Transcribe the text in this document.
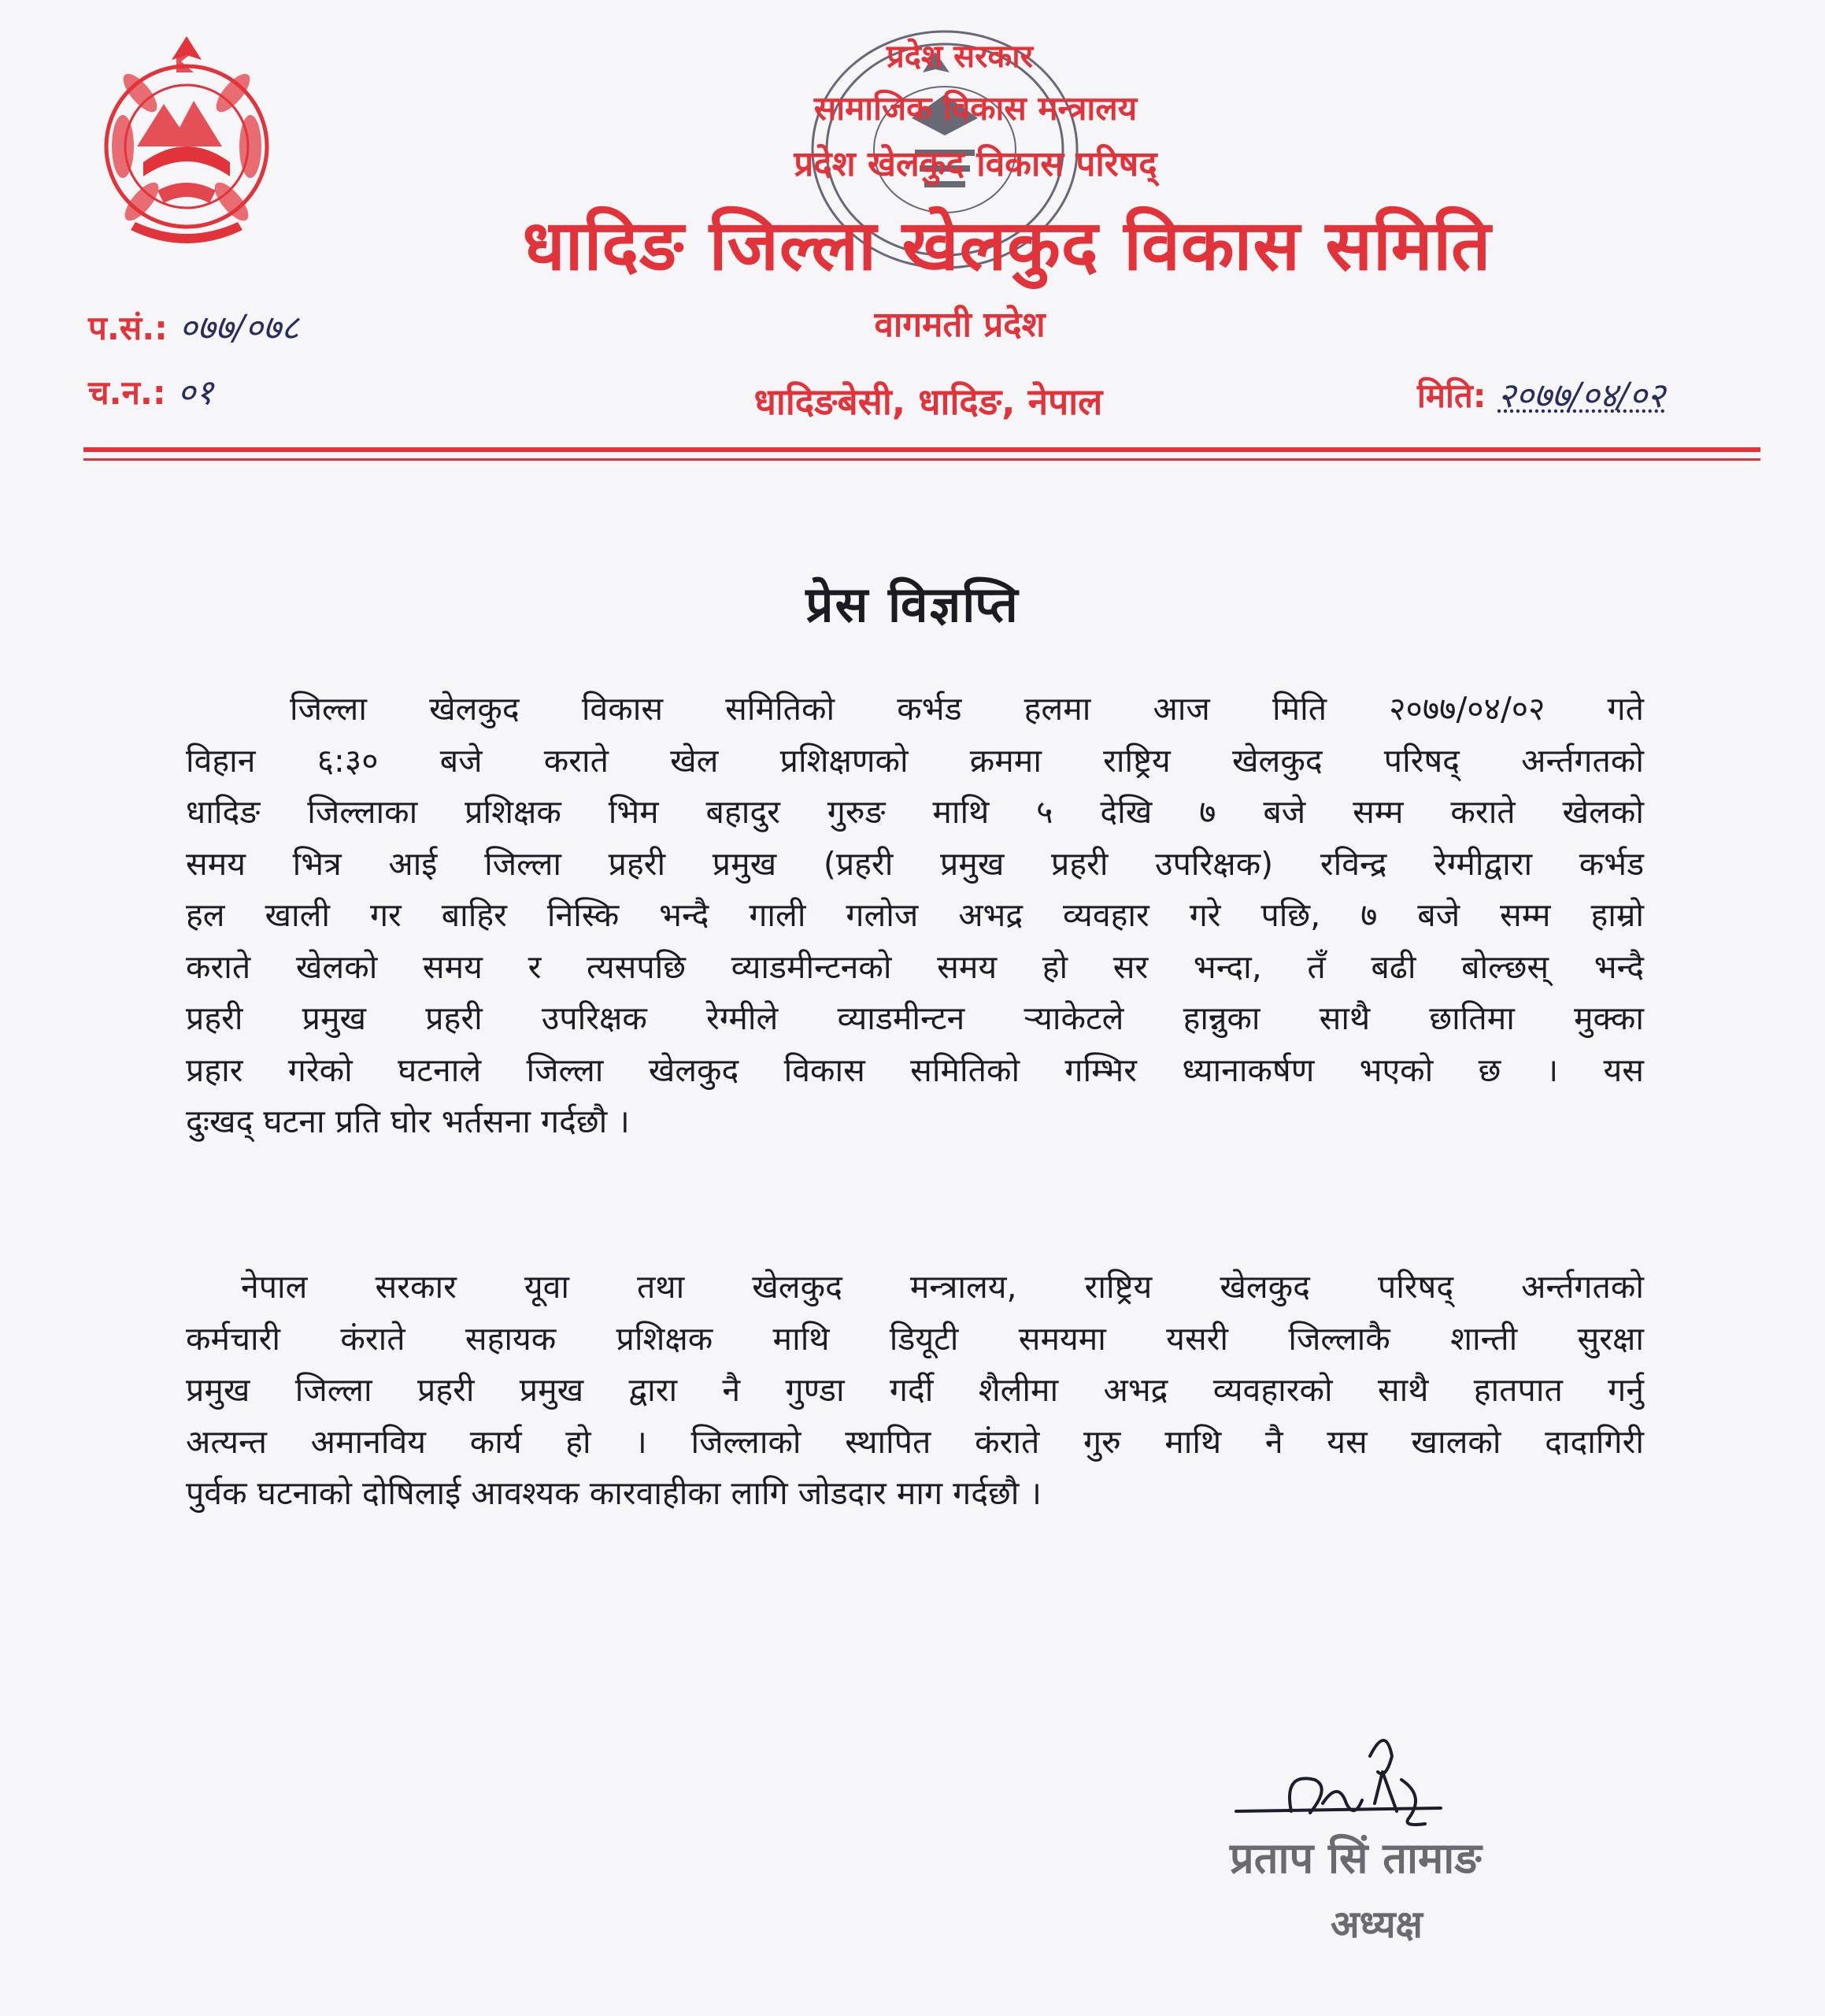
प्रदेश सरकार
सामाजिक विकास मन्त्रालय
प्रदेश खेलकुद विकास परिषद्
धादिङ जिल्ला खेलकुद विकास समिति
वागमती प्रदेश
धादिङबेसी, धादिङ, नेपाल
प.सं.: ०७७/०७८
च.न.: ०१	मिति: २०७७/०४/०२
प्रेस विज्ञप्ति
जिल्ला खेलकुद विकास समितिको कर्भड हलमा आज मिति २०७७/०४/०२ गते
विहान ६:३० बजे कराते खेल प्रशिक्षणको क्रममा राष्ट्रिय खेलकुद परिषद् अर्न्तगतको
धादिङ जिल्लाका प्रशिक्षक भिम बहादुर गुरुङ माथि ५ देखि ७ बजे सम्म कराते खेलको
समय भित्र आई जिल्ला प्रहरी प्रमुख (प्रहरी प्रमुख प्रहरी उपरिक्षक) रविन्द्र रेग्मीद्वारा कर्भड
हल खाली गर बाहिर निस्कि भन्दै गाली गलोज अभद्र व्यवहार गरे पछि, ७ बजे सम्म हाम्रो
कराते खेलको समय र त्यसपछि व्याडमीन्टनको समय हो सर भन्दा, तँ बढी बोल्छस् भन्दै
प्रहरी प्रमुख प्रहरी उपरिक्षक रेग्मीले व्याडमीन्टन र्‍याकेटले हान्नुका साथै छातिमा मुक्का
प्रहार गरेको घटनाले जिल्ला खेलकुद विकास समितिको गम्भिर ध्यानाकर्षण भएको छ । यस
दुःखद् घटना प्रति घोर भर्तसना गर्दछौ ।
नेपाल सरकार यूवा तथा खेलकुद मन्त्रालय, राष्ट्रिय खेलकुद परिषद् अर्न्तगतको
कर्मचारी कंराते सहायक प्रशिक्षक माथि डियूटी समयमा यसरी जिल्लाकै शान्ती सुरक्षा
प्रमुख जिल्ला प्रहरी प्रमुख द्वारा नै गुण्डा गर्दी शैलीमा अभद्र व्यवहारको साथै हातपात गर्नु
अत्यन्त अमानविय कार्य हो । जिल्लाको स्थापित कंराते गुरु माथि नै यस खालको दादागिरी
पुर्वक घटनाको दोषिलाई आवश्यक कारवाहीका लागि जोडदार माग गर्दछौ ।
प्रताप सिं तामाङ
अध्यक्ष
